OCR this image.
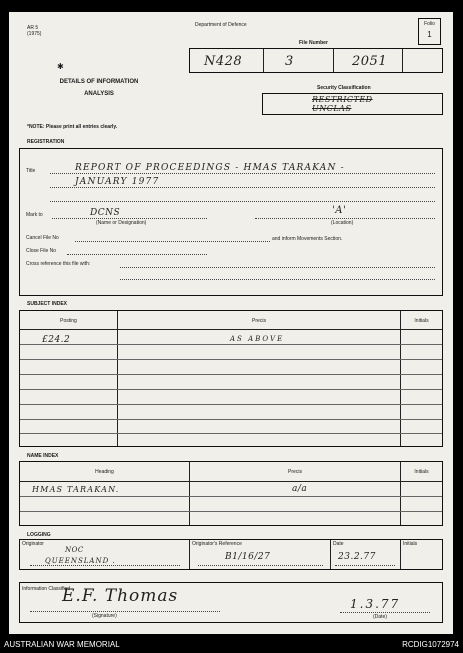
AR 5
(1975)
Department of Defence	Folio
1
File Number
N428	3	2051
✱
DETAILS OF INFORMATION
ANALYSIS
Security Classification
RESTRICTED
UNCLAS
*NOTE: Please print all entries clearly.
REGISTRATION
Title	REPORT OF PROCEEDINGS - HMAS TARAKAN -
JANUARY 1977
Mark to	DCNS
(Name or Designation)
'A'
(Location)
Cancel File No	and inform Movements Section.
Close File No
Cross reference this file with:
SUBJECT INDEX
Posting	Precis	Initials
£24.2	AS ABOVE
NAME INDEX
Heading	Precis	Initials
HMAS TARAKAN.	a/a
LOGGING
Originator
NOC
QUEENSLAND .
Originator's Reference
B1/16/27
Date
23.2.77
Initials
Information Classified
E.F. Thomas
(Signature)
1.3.77
(Date)
AUSTRALIAN WAR MEMORIAL	RCDIG1072974
